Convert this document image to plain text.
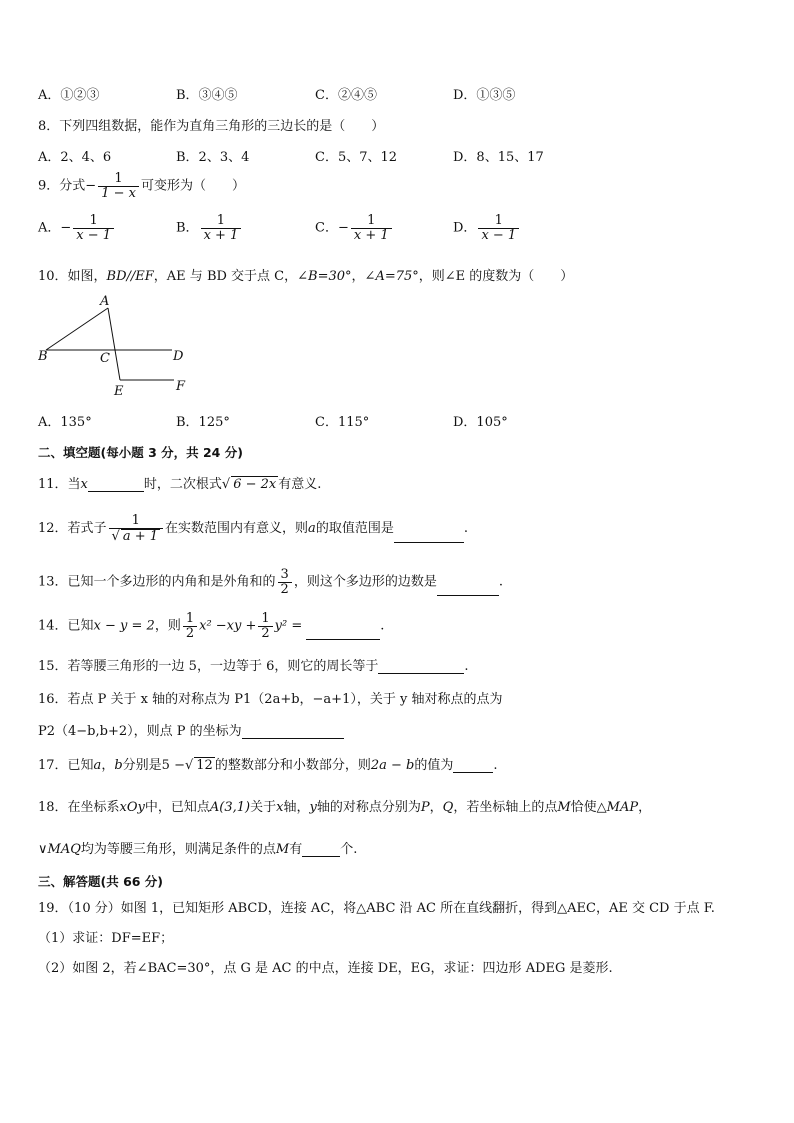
A．①②③	B．③④⑤	C．②④⑤	D．①③⑤
8．下列四组数据，能作为直角三角形的三边长的是（　　）
A．2、4、6	B．2、3、4	C．5、7、12	D．8、15、17
9．分式− $\frac{1}{1 - x}$ 可变形为（　　）
A．− $\frac{1}{x - 1}$	B． $\frac{1}{x + 1}$	C．− $\frac{1}{x + 1}$	D． $\frac{1}{x - 1}$
10．如图，BD//EF，AE 与 BD 交于点 C，∠B=30°，∠A=75°，则∠E 的度数为（　　）
A
B	C	D
E	F
A．135°	B．125°	C．115°	D．105°
二、填空题(每小题 3 分，共 24 分)
11．当x	时，二次根式√ 6 − 2x 有意义.
12．若式子 $\frac{1}{√ a + 1}$ 在实数范围内有意义，则a的取值范围是	.
13．已知一个多边形的内角和是外角和的 $\frac{3}{2}$ ，则这个多边形的边数是	.
14．已知x − y = 2，则 $\frac{1}{2} x^2 -xy + \frac{1}{2} y^2$ =	.
15．若等腰三角形的一边 5，一边等于 6，则它的周长等于	.
16．若点 P 关于 x 轴的对称点为 P1（2a+b，−a+1），关于 y 轴对称点的点为
P2（4−b,b+2），则点 P 的坐标为
17．已知a，b分别是5 −√ 12 的整数部分和小数部分，则2a − b的值为	.
18．在坐标系xOy中，已知点A(3,1)关于x轴，y轴的对称点分别为P，Q，若坐标轴上的点M恰使△MAP，
∨MAQ均为等腰三角形，则满足条件的点M有	个.
三、解答题(共 66 分)
19．（10 分）如图 1，已知矩形 ABCD，连接 AC，将△ABC 沿 AC 所在直线翻折，得到△AEC，AE 交 CD 于点 F.
（1）求证：DF=EF；
（2）如图 2，若∠BAC=30°，点 G 是 AC 的中点，连接 DE，EG，求证：四边形 ADEG 是菱形.
